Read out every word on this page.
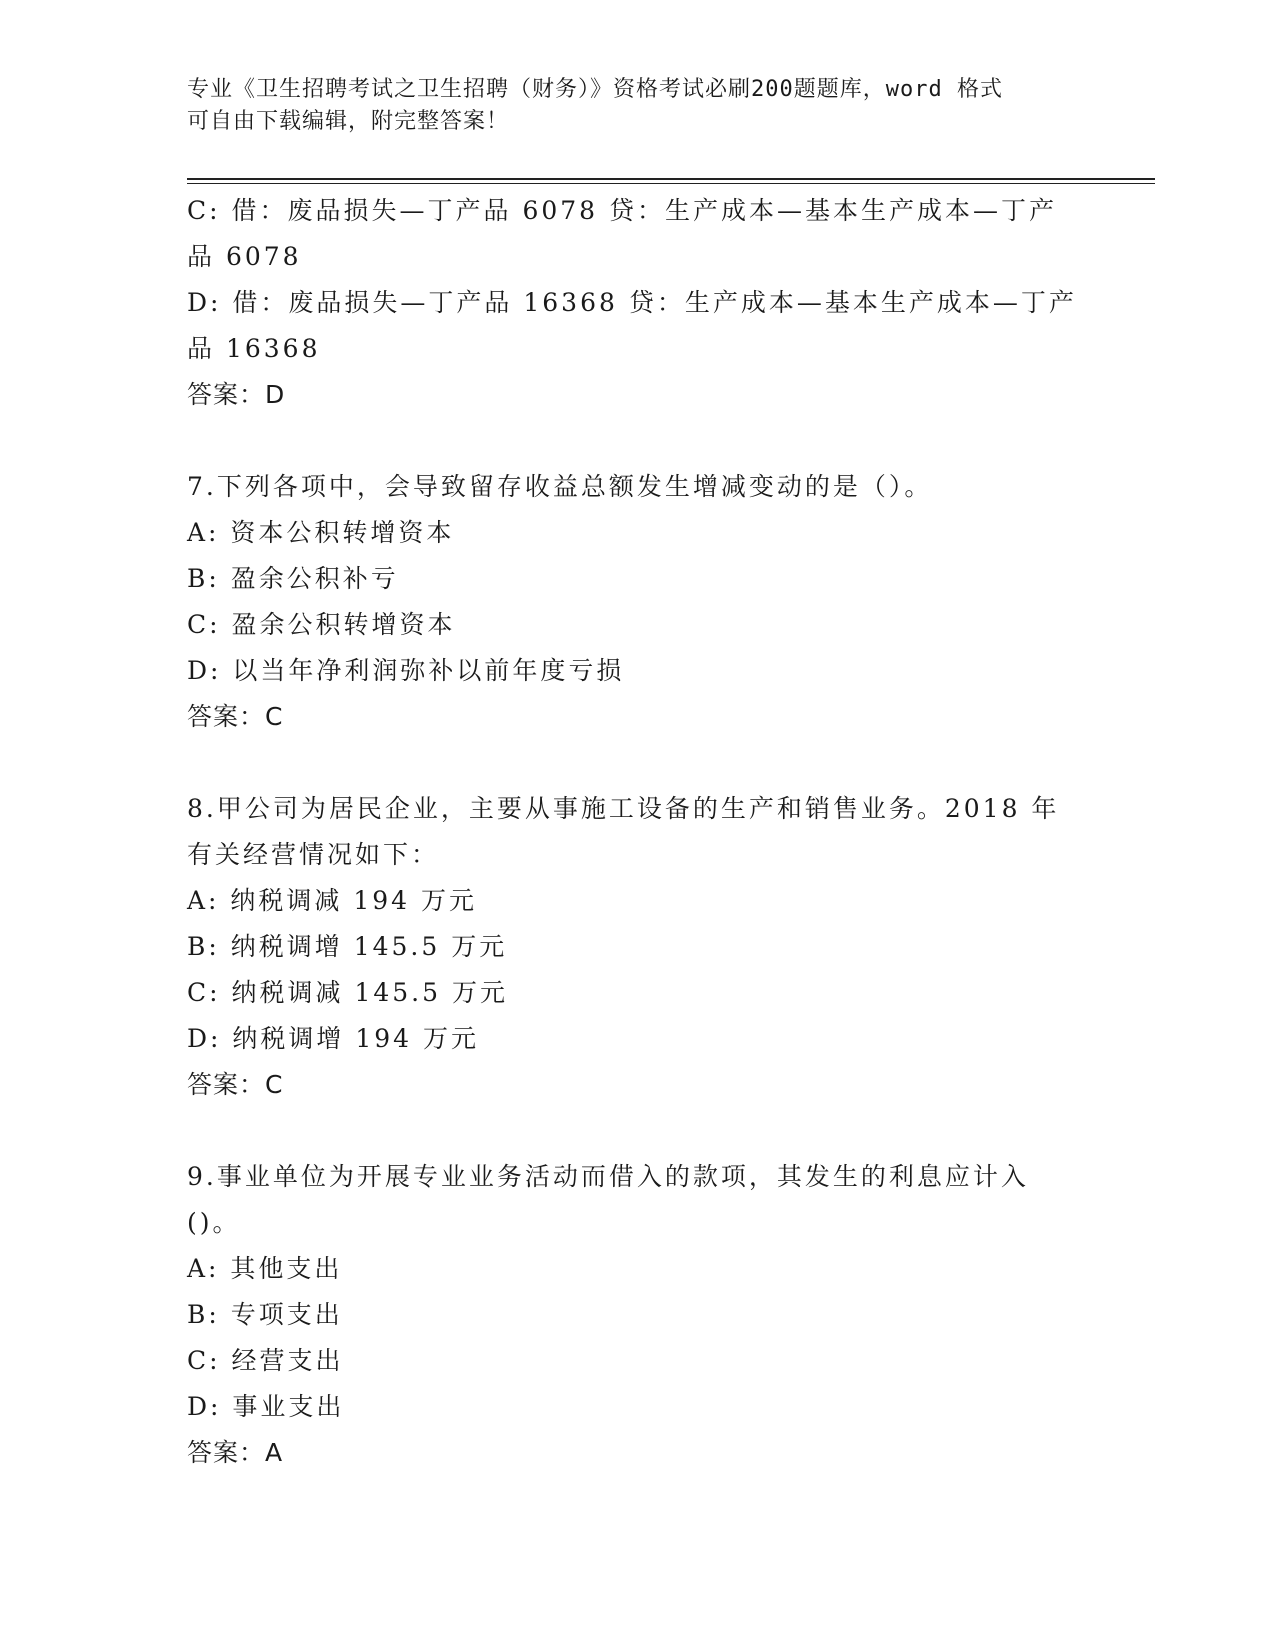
专业《卫生招聘考试之卫生招聘（财务）》资格考试必刷200题题库，word 格式
可自由下载编辑，附完整答案！
C: 借：废品损失—丁产品 6078 贷：生产成本—基本生产成本—丁产
品 6078
D: 借：废品损失—丁产品 16368 贷：生产成本—基本生产成本—丁产
品 16368
答案：D
7.下列各项中，会导致留存收益总额发生增减变动的是（）。
A: 资本公积转增资本
B: 盈余公积补亏
C: 盈余公积转增资本
D: 以当年净利润弥补以前年度亏损
答案：C
8.甲公司为居民企业，主要从事施工设备的生产和销售业务。2018 年
有关经营情况如下：
A: 纳税调减 194 万元
B: 纳税调增 145.5 万元
C: 纳税调减 145.5 万元
D: 纳税调增 194 万元
答案：C
9.事业单位为开展专业业务活动而借入的款项，其发生的利息应计入
()。
A: 其他支出
B: 专项支出
C: 经营支出
D: 事业支出
答案：A
